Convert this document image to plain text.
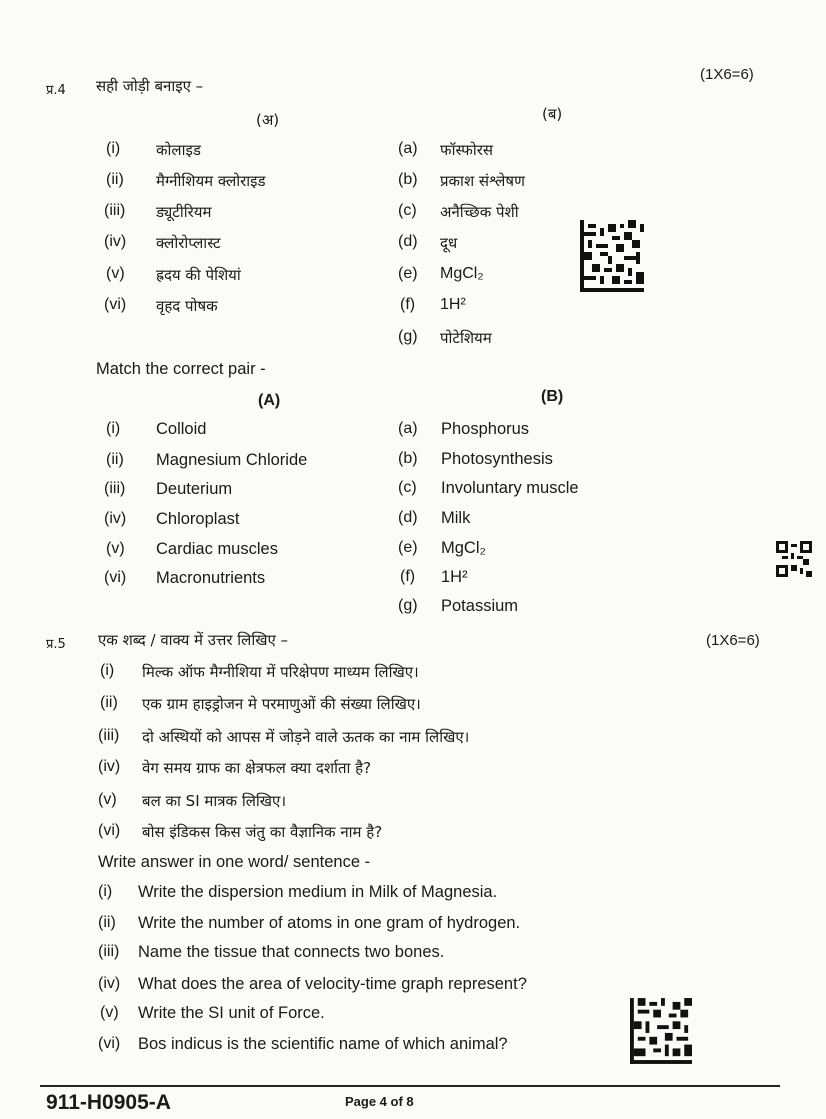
प्र.4 सही जोड़ी बनाइए –
(1X6=6)
(अ)	(ब)
(i) कोलाइड
(ii) मैग्नीशियम क्लोराइड
(iii) ड्यूटीरियम
(iv) क्लोरोप्लास्ट
(v) ह्रदय की पेशियां
(vi) वृहद पोषक
(a) फॉस्फोरस
(b) प्रकाश संश्लेषण
(c) अनैच्छिक पेशी
(d) दूध
(e) MgCl₂
(f) 1H²
(g) पोटेशियम
Match the correct pair -
(A)	(B)
(i) Colloid
(ii) Magnesium Chloride
(iii) Deuterium
(iv) Chloroplast
(v) Cardiac muscles
(vi) Macronutrients
(a) Phosphorus
(b) Photosynthesis
(c) Involuntary muscle
(d) Milk
(e) MgCl₂
(f) 1H²
(g) Potassium
प्र.5 एक शब्द / वाक्य में उत्तर लिखिए –	(1X6=6)
(i) मिल्क ऑफ मैग्नीशिया में परिक्षेपण माध्यम लिखिए।
(ii) एक ग्राम हाइड्रोजन मे परमाणुओं की संख्या लिखिए।
(iii) दो अस्थियों को आपस में जोड़ने वाले ऊतक का नाम लिखिए।
(iv) वेग समय ग्राफ का क्षेत्रफल क्या दर्शाता है?
(v) बल का SI मात्रक लिखिए।
(vi) बोस इंडिकस किस जंतु का वैज्ञानिक नाम है?
Write answer in one word/ sentence -
(i) Write the dispersion medium in Milk of Magnesia.
(ii) Write the number of atoms in one gram of hydrogen.
(iii) Name the tissue that connects two bones.
(iv) What does the area of velocity-time graph represent?
(v) Write the SI unit of Force.
(vi) Bos indicus is the scientific name of which animal?
911-H0905-A	Page 4 of 8
